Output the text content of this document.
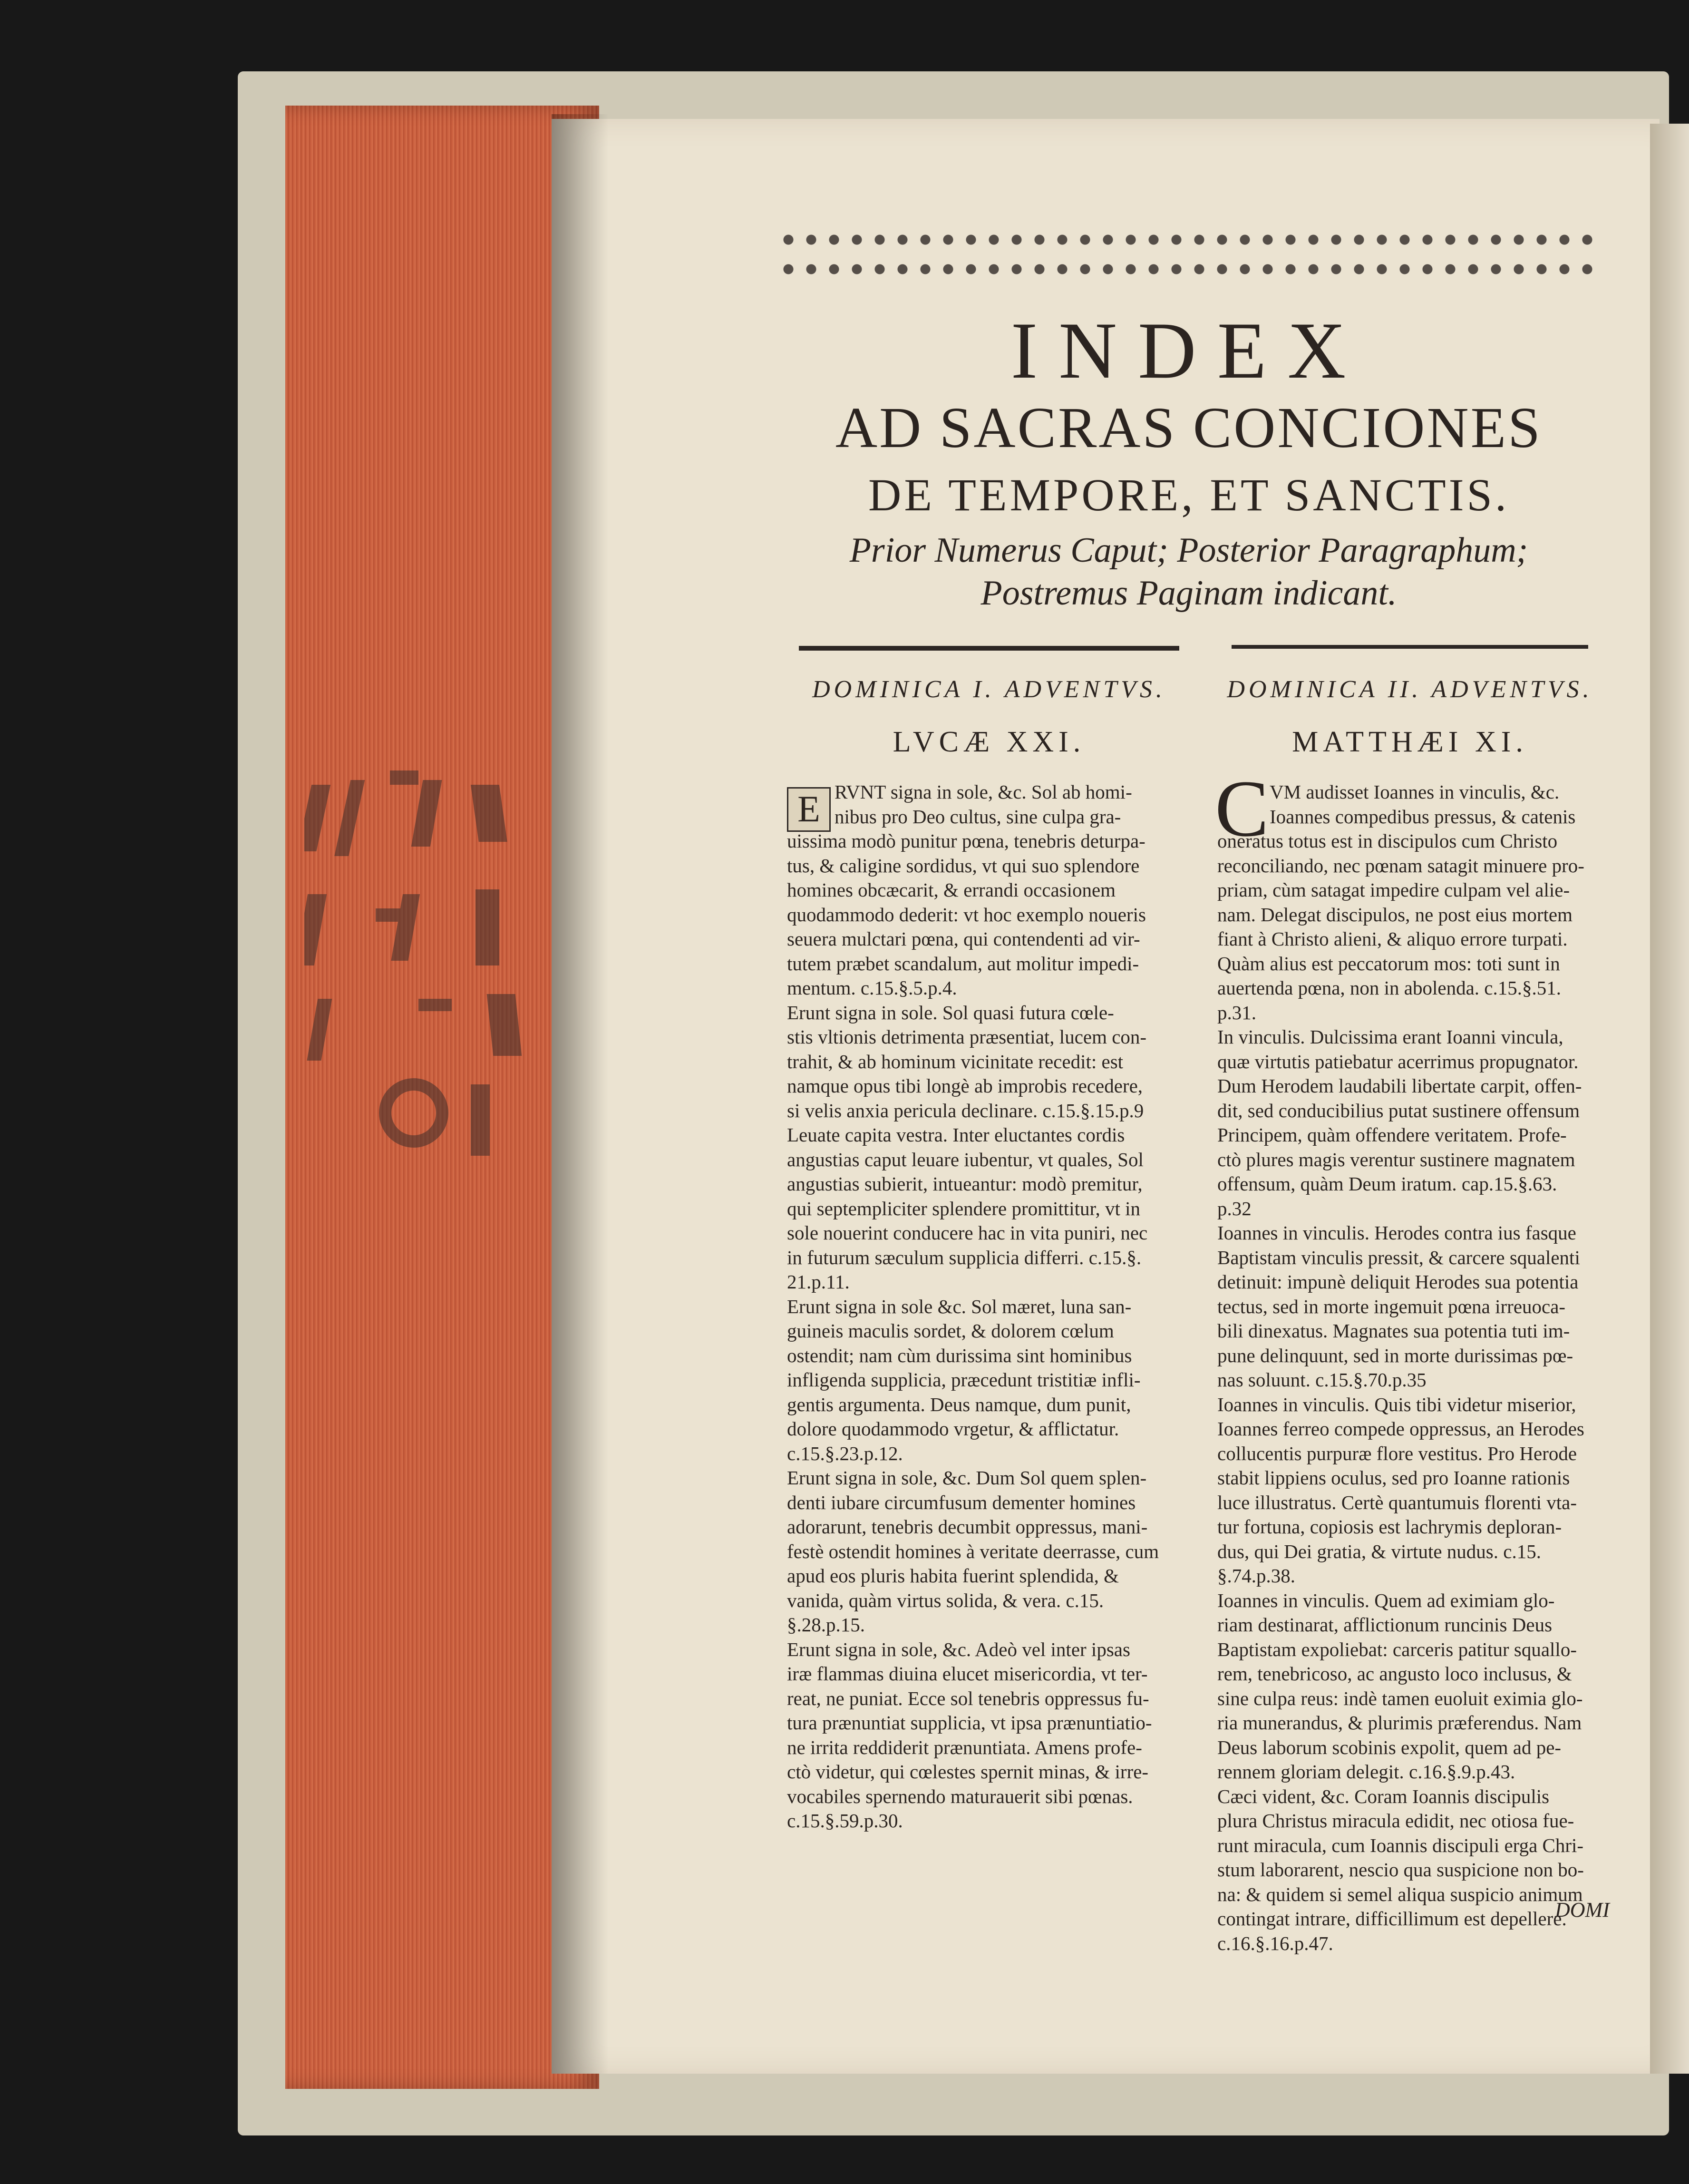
INDEX
AD SACRAS CONCIONES
DE TEMPORE, ET SANCTIS.
Prior Numerus Caput; Posterior Paragraphum;
Postremus Paginam indicant.
DOMINICA I. ADVENTVS.
LVCÆ XXI.
DOMINICA II. ADVENTVS.
MATTHÆI XI.
E	C
RVNT signa in sole, &c. Sol ab homi-
nibus pro Deo cultus, sine culpa gra-
uissima modò punitur pœna, tenebris deturpa-
tus, & caligine sordidus, vt qui suo splendore
homines obcæcarit, & errandi occasionem
quodammodo dederit: vt hoc exemplo noueris
seuera mulctari pœna, qui contendenti ad vir-
tutem præbet scandalum, aut molitur impedi-
mentum. c.15.§.5.p.4.
Erunt signa in sole. Sol quasi futura cœle-
stis vltionis detrimenta præsentiat, lucem con-
trahit, & ab hominum vicinitate recedit: est
namque opus tibi longè ab improbis recedere,
si velis anxia pericula declinare. c.15.§.15.p.9
Leuate capita vestra. Inter eluctantes cordis
angustias caput leuare iubentur, vt quales, Sol
angustias subierit, intueantur: modò premitur,
qui septempliciter splendere promittitur, vt in
sole nouerint conducere hac in vita puniri, nec
in futurum sæculum supplicia differri. c.15.§.
21.p.11.
Erunt signa in sole &c. Sol mæret, luna san-
guineis maculis sordet, & dolorem cœlum
ostendit; nam cùm durissima sint hominibus
infligenda supplicia, præcedunt tristitiæ infli-
gentis argumenta. Deus namque, dum punit,
dolore quodammodo vrgetur, & afflictatur.
c.15.§.23.p.12.
Erunt signa in sole, &c. Dum Sol quem splen-
denti iubare circumfusum dementer homines
adorarunt, tenebris decumbit oppressus, mani-
festè ostendit homines à veritate deerrasse, cum
apud eos pluris habita fuerint splendida, &
vanida, quàm virtus solida, & vera. c.15.
§.28.p.15.
Erunt signa in sole, &c. Adeò vel inter ipsas
iræ flammas diuina elucet misericordia, vt ter-
reat, ne puniat. Ecce sol tenebris oppressus fu-
tura prænuntiat supplicia, vt ipsa prænuntiatio-
ne irrita reddiderit prænuntiata. Amens profe-
ctò videtur, qui cœlestes spernit minas, & irre-
vocabiles spernendo maturauerit sibi pœnas.
c.15.§.59.p.30.
VM audisset Ioannes in vinculis, &c.
Ioannes compedibus pressus, & catenis
oneratus totus est in discipulos cum Christo
reconciliando, nec pœnam satagit minuere pro-
priam, cùm satagat impedire culpam vel alie-
nam. Delegat discipulos, ne post eius mortem
fiant à Christo alieni, & aliquo errore turpati.
Quàm alius est peccatorum mos: toti sunt in
auertenda pœna, non in abolenda. c.15.§.51.
p.31.
In vinculis. Dulcissima erant Ioanni vincula,
quæ virtutis patiebatur acerrimus propugnator.
Dum Herodem laudabili libertate carpit, offen-
dit, sed conducibilius putat sustinere offensum
Principem, quàm offendere veritatem. Profe-
ctò plures magis verentur sustinere magnatem
offensum, quàm Deum iratum. cap.15.§.63.
p.32
Ioannes in vinculis. Herodes contra ius fasque
Baptistam vinculis pressit, & carcere squalenti
detinuit: impunè deliquit Herodes sua potentia
tectus, sed in morte ingemuit pœna irreuoca-
bili dinexatus. Magnates sua potentia tuti im-
pune delinquunt, sed in morte durissimas pœ-
nas soluunt. c.15.§.70.p.35
Ioannes in vinculis. Quis tibi videtur miserior,
Ioannes ferreo compede oppressus, an Herodes
collucentis purpuræ flore vestitus. Pro Herode
stabit lippiens oculus, sed pro Ioanne rationis
luce illustratus. Certè quantumuis florenti vta-
tur fortuna, copiosis est lachrymis deploran-
dus, qui Dei gratia, & virtute nudus. c.15.
§.74.p.38.
Ioannes in vinculis. Quem ad eximiam glo-
riam destinarat, afflictionum runcinis Deus
Baptistam expoliebat: carceris patitur squallo-
rem, tenebricoso, ac angusto loco inclusus, &
sine culpa reus: indè tamen euoluit eximia glo-
ria munerandus, & plurimis præferendus. Nam
Deus laborum scobinis expolit, quem ad pe-
rennem gloriam delegit. c.16.§.9.p.43.
Cæci vident, &c. Coram Ioannis discipulis
plura Christus miracula edidit, nec otiosa fue-
runt miracula, cum Ioannis discipuli erga Chri-
stum laborarent, nescio qua suspicione non bo-
na: & quidem si semel aliqua suspicio animum
contingat intrare, difficillimum est depellere.
c.16.§.16.p.47.
DOMI
